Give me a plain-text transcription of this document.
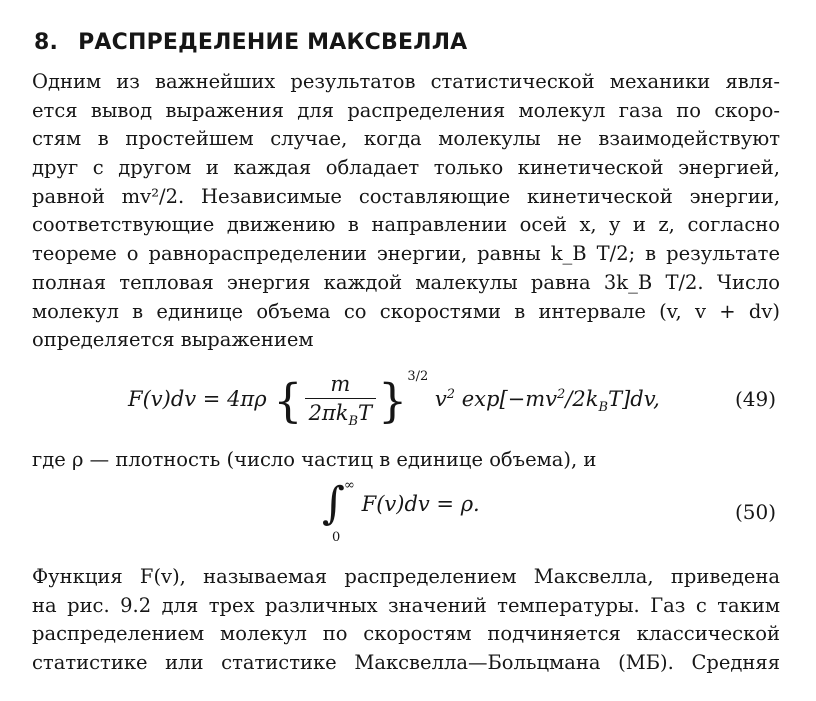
8. РАСПРЕДЕЛЕНИЕ МАКСВЕЛЛА
Одним из важнейших результатов статистической механики явля-
ется вывод выражения для распределения молекул газа по скоро-
стям в простейшем случае, когда молекулы не взаимодействуют
друг с другом и каждая обладает только кинетической энергией,
равной mv²/2. Независимые составляющие кинетической энергии,
соответствующие движению в направлении осей x, y и z, согласно
теореме о равнораспределении энергии, равны k_B T/2; в результате
полная тепловая энергия каждой малекулы равна 3k_B T/2. Число
молекул в единице объема со скоростями в интервале (v, v + dv)
определяется выражением
F(v)dv = 4πρ { $\frac{m}{2\pi k_BT} \}^{3/2}$ $v^2$ $\exp[-mv^2/2k_BT]dv$,	(49)
где ρ — плотность (число частиц в единице объема), и
∫ ∞
0
F(v)dv = ρ.	(50)
Функция F(v), называемая распределением Максвелла, приведена
на рис. 9.2 для трех различных значений температуры. Газ с таким
распределением молекул по скоростям подчиняется классической
статистике или статистике Максвелла—Больцмана (МБ). Средняя
